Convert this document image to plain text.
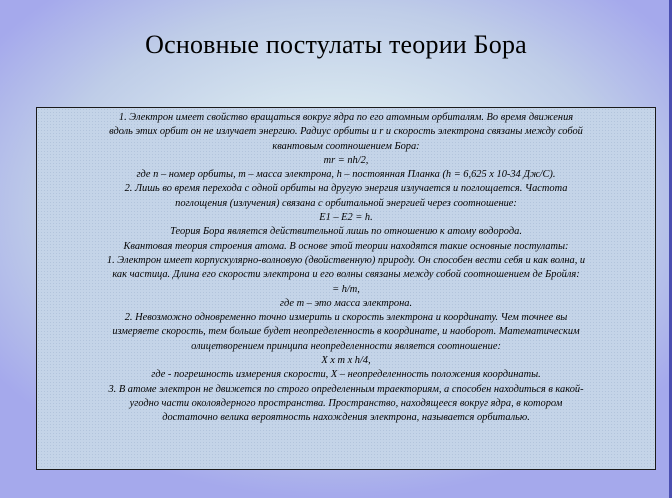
Основные постулаты теории Бора
1. Электрон имеет свойство вращаться вокруг ядра по его атомным орбиталям. Во время движения
вдоль этих орбит он не излучает энергию. Радиус орбиты и r и скорость электрона связаны между собой
квантовым соотношением Бора:
mr = nh/2,
где n – номер орбиты, m – масса электрона, h – постоянная Планка (h = 6,625 x 10-34 Дж/С).
2. Лишь во время перехода с одной орбиты на другую энергия излучается и поглощается. Частота
поглощения (излучения) связана с орбитальной энергией через соотношение:
E1 – E2 = h.
Теория Бора является действительной лишь по отношению к атому водорода.
Квантовая теория строения атома. В основе этой теории находятся такие основные постулаты:
1. Электрон имеет корпускулярно-волновую (двойственную) природу. Он способен вести себя и как волна, и
как частица. Длина его скорости электрона и его волны связаны между собой соотношением де Бройля:
= h/m,
где m – это масса электрона.
2. Невозможно одновременно точно измерить и скорость электрона и координату. Чем точнее вы
измеряете скорость, тем больше будет неопределенность в координате, и наоборот. Математическим
олицетворением принципа неопределенности является соотношение:
X x m x h/4,
где - погрешность измерения скорости, X – неопределенность положения координаты.
3. В атоме электрон не движется по строго определенным траекториям, а способен находиться в какой-
угодно части околоядерного пространства. Пространство, находящееся вокруг ядра, в котором
достаточно велика вероятность нахождения электрона, называется орбиталью.
